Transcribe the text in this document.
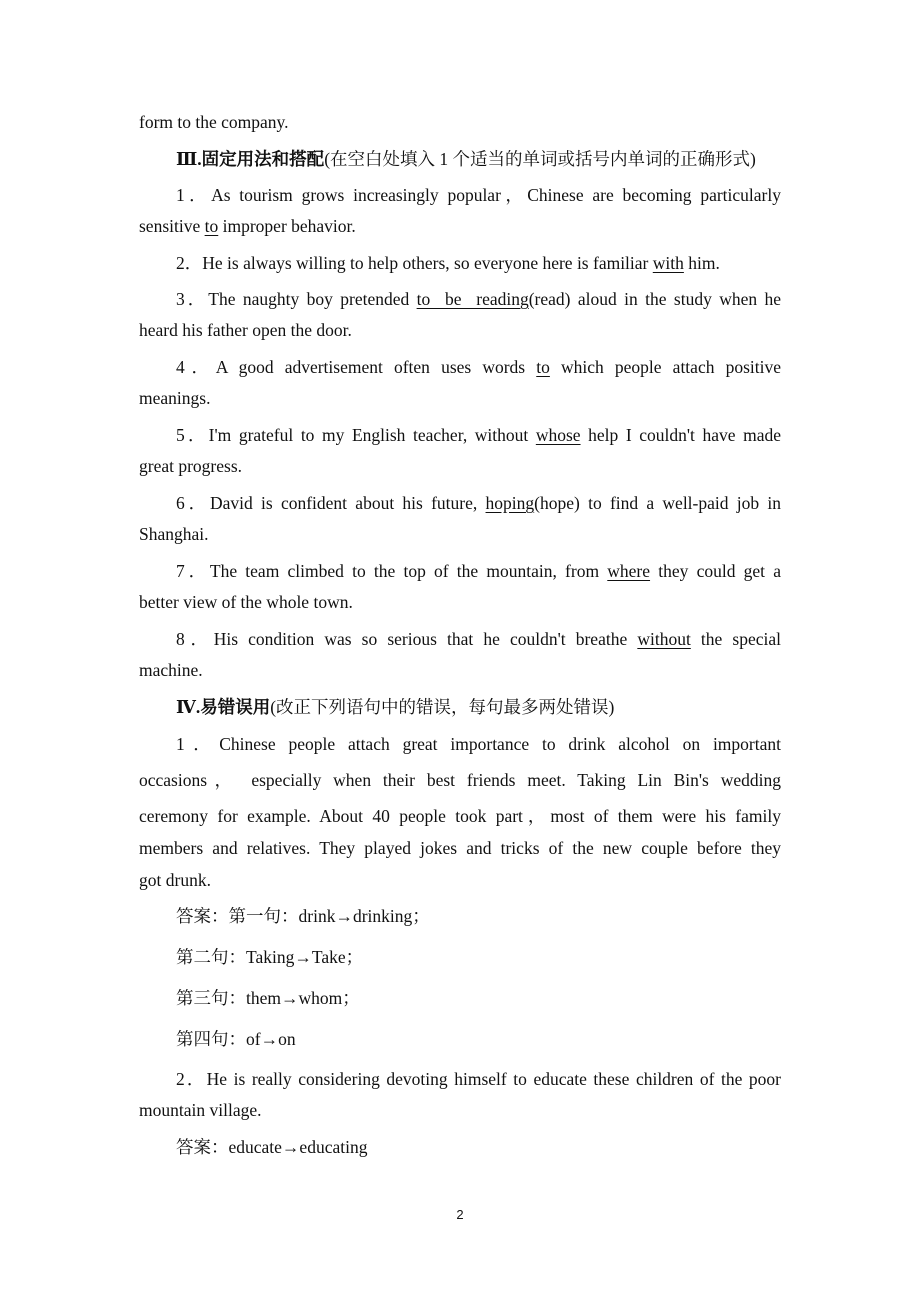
form to the company.
Ⅲ.固定用法和搭配(在空白处填入 1 个适当的单词或括号内单词的正确形式)
1．As tourism grows increasingly popular，Chinese are becoming particularly
sensitive to improper behavior.
2．He is always willing to help others, so everyone here is familiar with him.
3．The naughty boy pretended to  be  reading(read) aloud in the study when he
heard his father open the door.
4．A good advertisement often uses words to which people attach positive
meanings.
5．I'm grateful to my English teacher, without whose help I couldn't have made
great progress.
6．David is confident about his future, hoping(hope) to find a well-paid job in
Shanghai.
7．The team climbed to the top of the mountain, from where they could get a
better view of the whole town.
8．His condition was so serious that he couldn't breathe without the special
machine.
Ⅳ.易错误用(改正下列语句中的错误，每句最多两处错误)
1．Chinese people attach great importance to drink alcohol on important
occasions， especially when their best friends meet. Taking Lin Bin's wedding
ceremony for example. About 40 people took part，most of them were his family
members and relatives. They played jokes and tricks of the new couple before they
got drunk.
答案：第一句：drink→drinking；
第二句：Taking→Take；
第三句：them→whom；
第四句：of→on
2．He is really considering devoting himself to educate these children of the poor
mountain village.
答案：educate→educating
2
